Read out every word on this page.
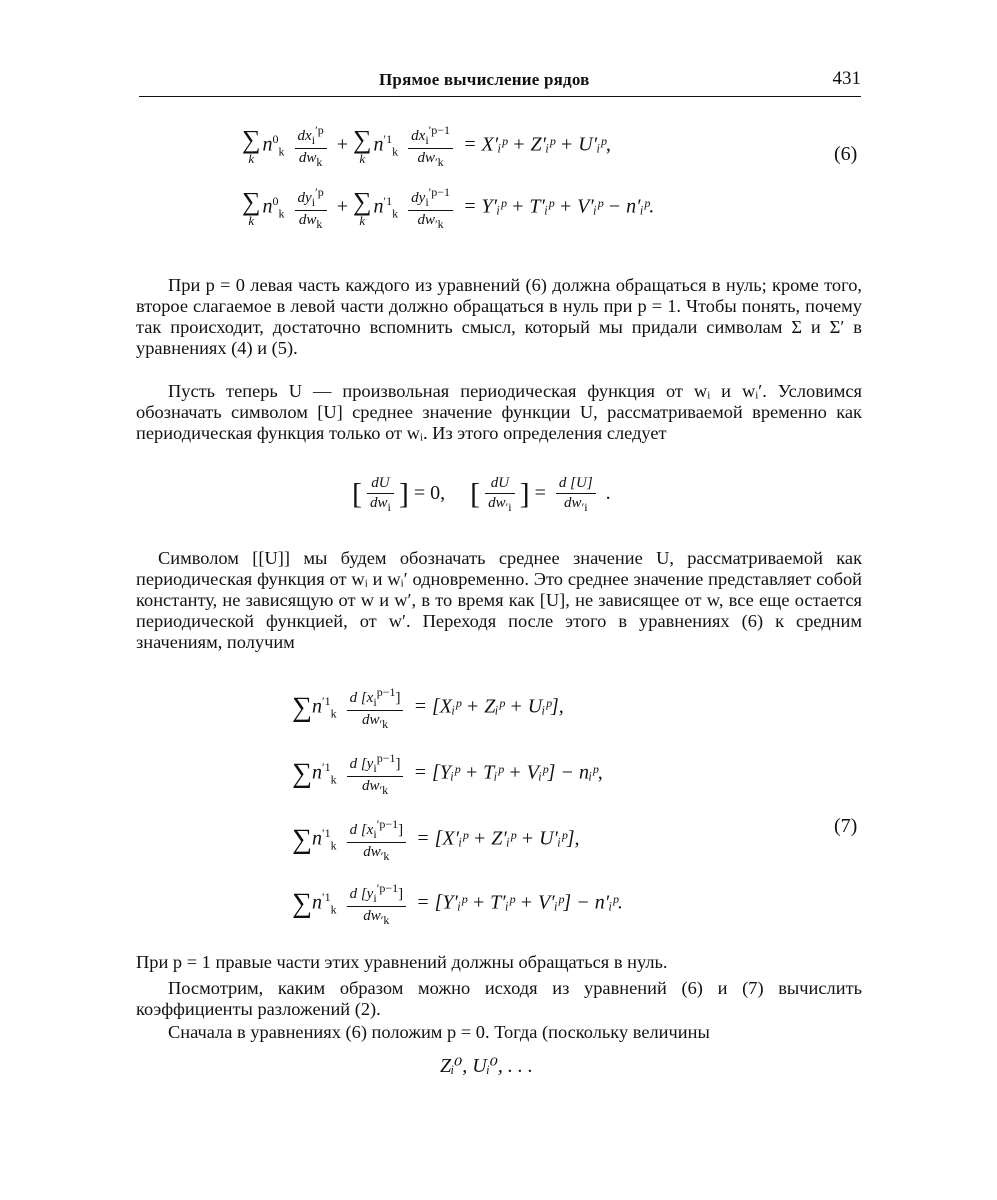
Прямое вычисление рядов	431
∑
k
$n^0_k \frac{dx_i^{'p}}{dw_k}$ + ∑
k
$n^{'1}_k \frac{dx_i^{'p-1}}{dw_{'k}}$ = X′ᵢᵖ + Z′ᵢᵖ + U′ᵢᵖ,	(6)
∑
k
$n^0_k \frac{dy_i^{'p}}{dw_k}$ + ∑
k
$n^{'1}_k \frac{dy_i^{'p-1}}{dw_{'k}}$ = Y′ᵢᵖ + T′ᵢᵖ + V′ᵢᵖ − n′ᵢᵖ.
При p = 0 левая часть каждого из уравнений (6) должна обращаться в нуль; кроме того, второе слагаемое в левой части должно обращаться в нуль при p = 1. Чтобы понять, почему так происходит, достаточно вспомнить смысл, который мы придали символам Σ и Σ′ в уравнениях (4) и (5).
Пусть теперь U — произвольная периодическая функция от wᵢ и wᵢ′. Условимся обозначать символом [U] среднее значение функции U, рассматриваемой временно как периодическая функция только от wᵢ. Из этого определения следует
[ $\frac{dU}{dw_i}$ ] = 0, [ $\frac{dU}{dw_{'i}}$ ] = $\frac{d [U]}{dw_{'i}}$ .
Символом [[U]] мы будем обозначать среднее значение U, рассматриваемой как периодическая функция от wᵢ и wᵢ′ одновременно. Это среднее значение представляет собой константу, не зависящую от w и w′, в то время как [U], не зависящее от w, все еще остается периодической функцией, от w′. Переходя после этого в уравнениях (6) к средним значениям, получим
$\sum n^{'1}_k \frac{d [x_i^{p-1}]}{dw_{'k}}$ = [Xᵢᵖ + Zᵢᵖ + Uᵢᵖ],
$\sum n^{'1}_k \frac{d [y_i^{p-1}]}{dw_{'k}}$ = [Yᵢᵖ + Tᵢᵖ + Vᵢᵖ] − nᵢᵖ,
$\sum n^{'1}_k \frac{d [x_i^{'p-1}]}{dw_{'k}}$ = [X′ᵢᵖ + Z′ᵢᵖ + U′ᵢᵖ],
(7)
$\sum n^{'1}_k \frac{d [y_i^{'p-1}]}{dw_{'k}}$ = [Y′ᵢᵖ + T′ᵢᵖ + V′ᵢᵖ] − n′ᵢᵖ.
При p = 1 правые части этих уравнений должны обращаться в нуль.
Посмотрим, каким образом можно исходя из уравнений (6) и (7) вычислить коэффициенты разложений (2).
Сначала в уравнениях (6) положим p = 0. Тогда (поскольку величины
Zᵢ⁰, Uᵢ⁰, . . .
